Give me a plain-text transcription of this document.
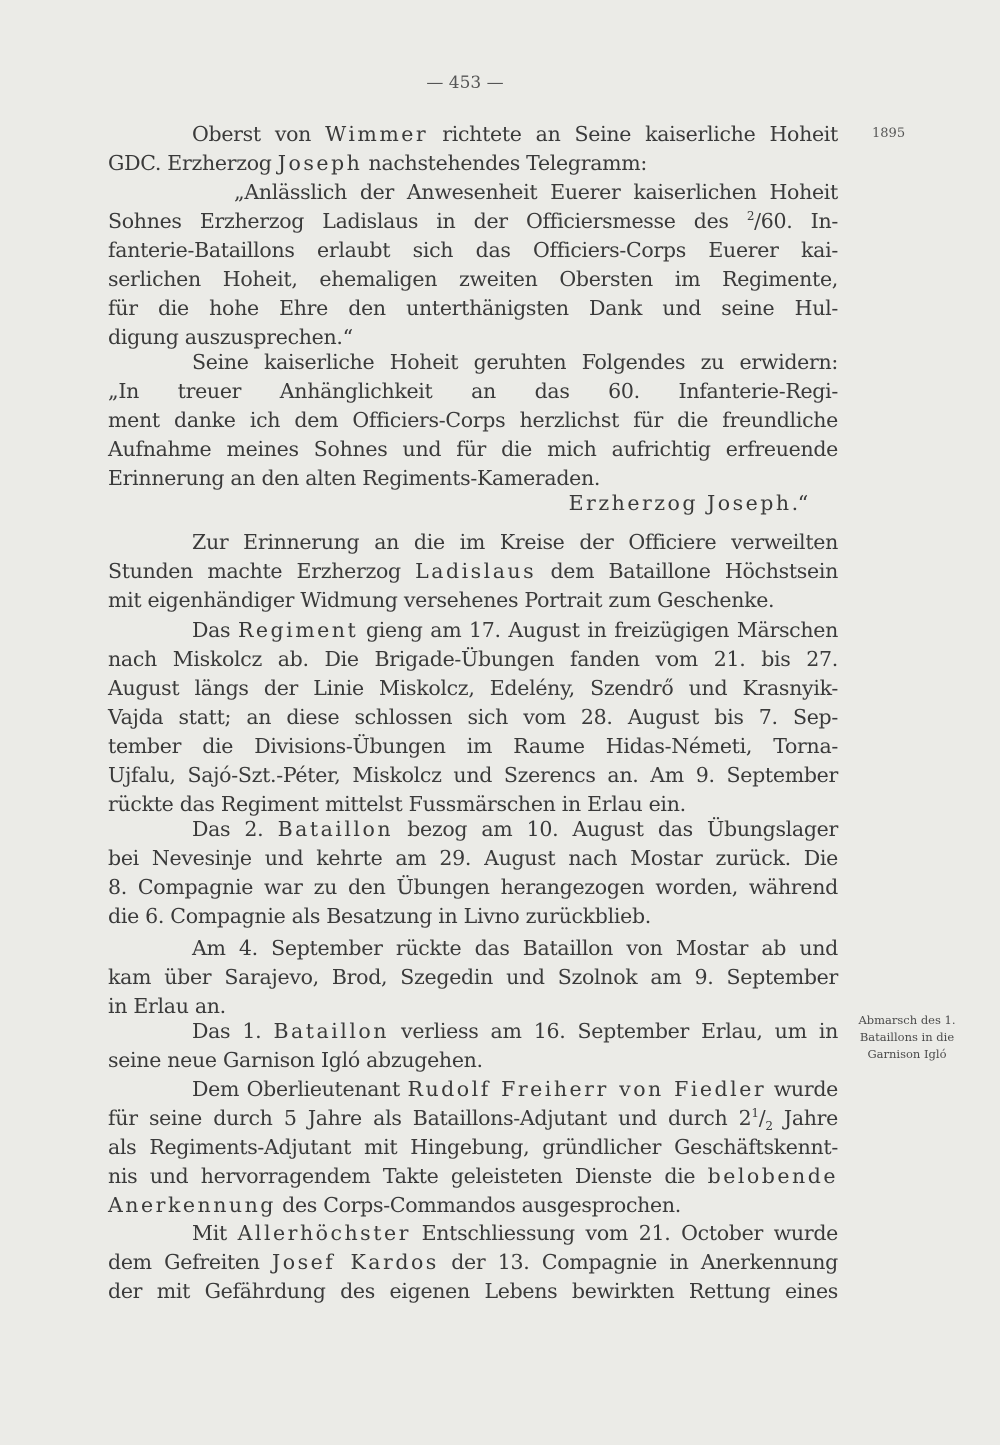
— 453 —
1895
Abmarsch des 1.
Bataillons in die
Garnison Igló
Oberst von Wimmer richtete an Seine kaiserliche Hoheit
GDC. Erzherzog Joseph nachstehendes Telegramm:
„Anlässlich der Anwesenheit Euerer kaiserlichen Hoheit
Sohnes Erzherzog Ladislaus in der Officiersmesse des $^2$/60. In-
fanterie-Bataillons erlaubt sich das Officiers-Corps Euerer kai-
serlichen Hoheit, ehemaligen zweiten Obersten im Regimente,
für die hohe Ehre den unterthänigsten Dank und seine Hul-
digung auszusprechen.“
Seine kaiserliche Hoheit geruhten Folgendes zu erwidern:
„In treuer Anhänglichkeit an das 60. Infanterie-Regi-
ment danke ich dem Officiers-Corps herzlichst für die freundliche
Aufnahme meines Sohnes und für die mich aufrichtig erfreuende
Erinnerung an den alten Regiments-Kameraden.
Erzherzog Joseph.“
Zur Erinnerung an die im Kreise der Officiere verweilten
Stunden machte Erzherzog Ladislaus dem Bataillone Höchstsein
mit eigenhändiger Widmung versehenes Portrait zum Geschenke.
Das Regiment gieng am 17. August in freizügigen Märschen
nach Miskolcz ab. Die Brigade-Übungen fanden vom 21. bis 27.
August längs der Linie Miskolcz, Edelény, Szendrő und Krasnyik-
Vajda statt; an diese schlossen sich vom 28. August bis 7. Sep-
tember die Divisions-Übungen im Raume Hidas-Németi, Torna-
Ujfalu, Sajó-Szt.-Péter, Miskolcz und Szerencs an. Am 9. September
rückte das Regiment mittelst Fussmärschen in Erlau ein.
Das 2. Bataillon bezog am 10. August das Übungslager
bei Nevesinje und kehrte am 29. August nach Mostar zurück. Die
8. Compagnie war zu den Übungen herangezogen worden, während
die 6. Compagnie als Besatzung in Livno zurückblieb.
Am 4. September rückte das Bataillon von Mostar ab und
kam über Sarajevo, Brod, Szegedin und Szolnok am 9. September
in Erlau an.
Das 1. Bataillon verliess am 16. September Erlau, um in
seine neue Garnison Igló abzugehen.
Dem Oberlieutenant Rudolf Freiherr von Fiedler wurde
für seine durch 5 Jahre als Bataillons-Adjutant und durch $2^1/_2$ Jahre
als Regiments-Adjutant mit Hingebung, gründlicher Geschäftskennt-
nis und hervorragendem Takte geleisteten Dienste die belobende
Anerkennung des Corps-Commandos ausgesprochen.
Mit Allerhöchster Entschliessung vom 21. October wurde
dem Gefreiten Josef Kardos der 13. Compagnie in Anerkennung
der mit Gefährdung des eigenen Lebens bewirkten Rettung eines
